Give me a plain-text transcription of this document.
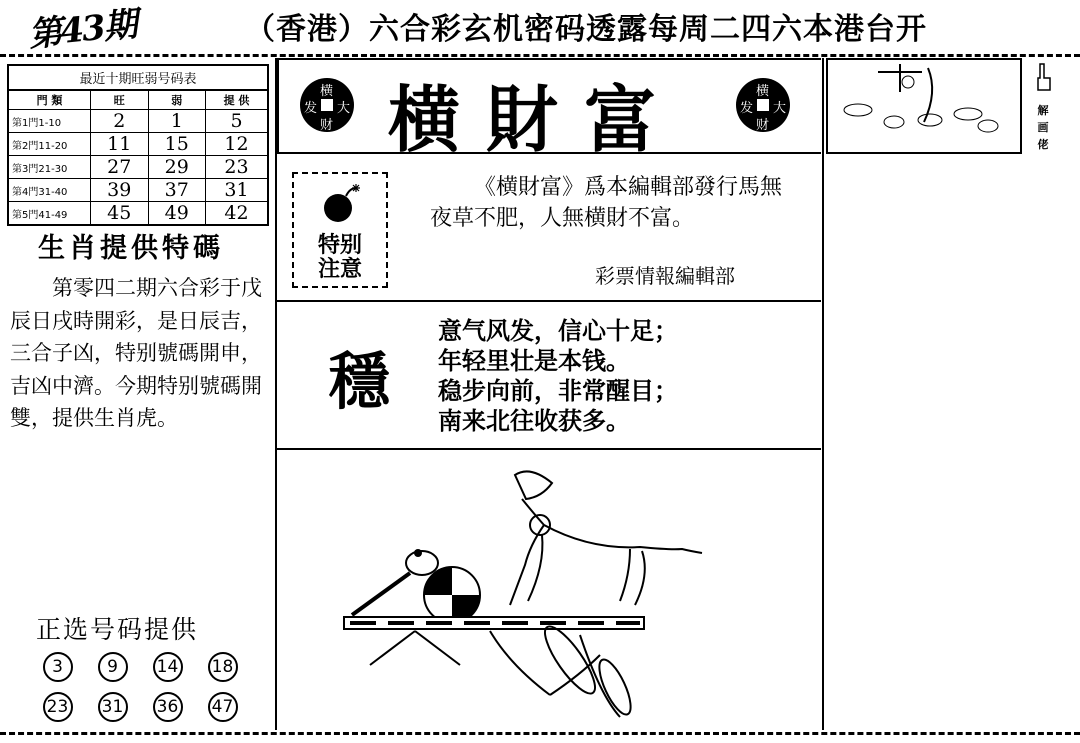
第43期	（香港）六合彩玄机密码透露每周二四六本港台开
最近十期旺弱号码表
門 類	旺	弱	提 供
第1門1-10	2	1	5
第2門11-20	11	15	12
第3門21-30	27	29	23
第4門31-40	39	37	31
第5門41-49	45	49	42
生肖提供特碼
第零四二期六合彩于戊辰日戌時開彩，是日辰吉，三合子凶，特别號碼開申，吉凶中濟。今期特别號碼開雙，提供生肖虎。
正选号码提供
3	9	14 18
23 31 36 47
横
发 大
财 横財富	横
发 大
财
特别
注意
《横財富》爲本編輯部發行馬無夜草不肥，人無横財不富。
彩票情報編輯部
穩
意气风发，信心十足；
年轻里壮是本钱。
稳步向前，非常醒目；
南来北往收获多。
解画佬
